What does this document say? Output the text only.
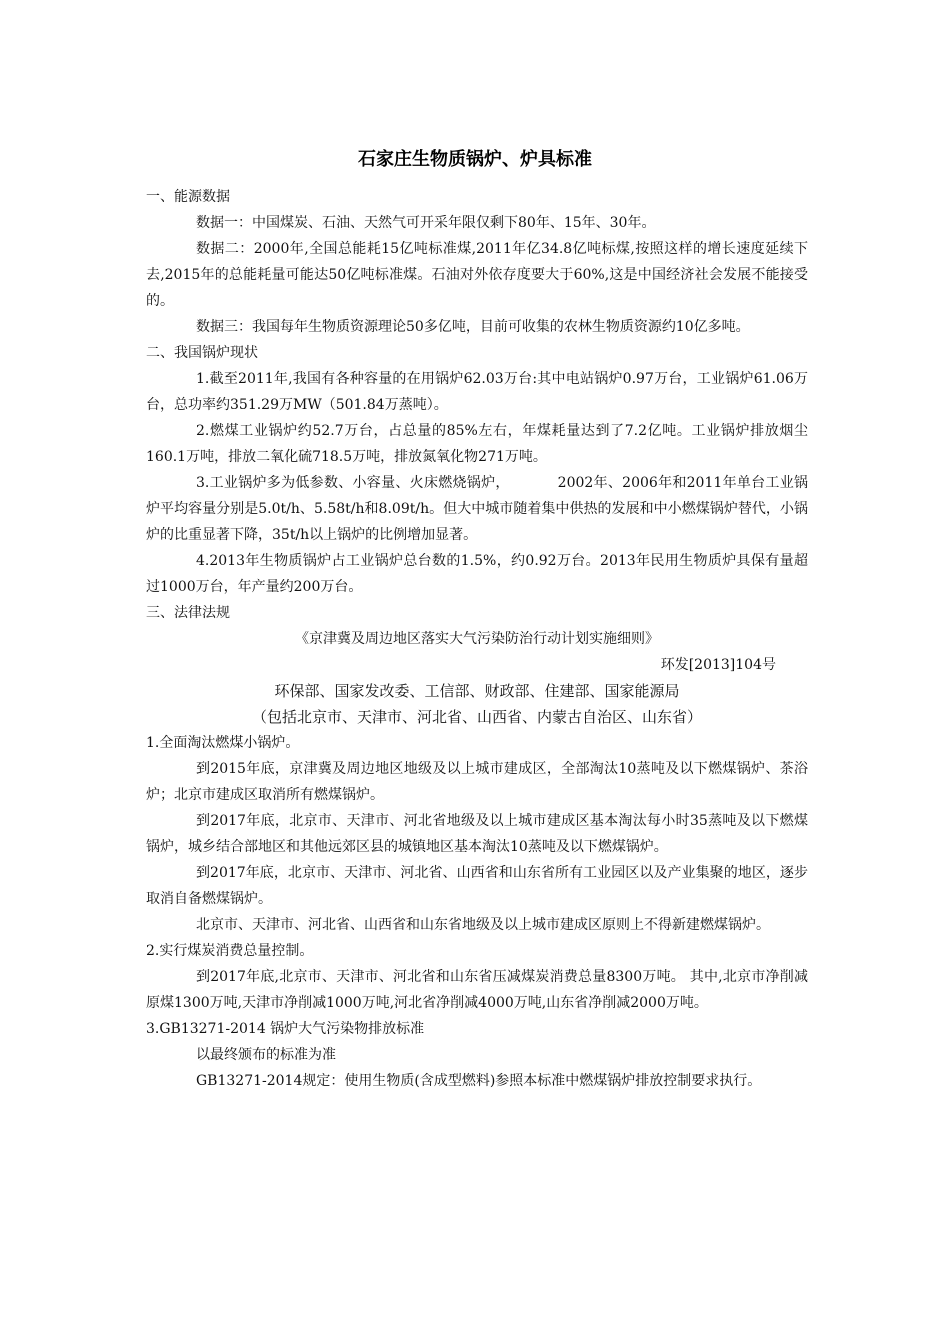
石家庄生物质锅炉、炉具标准

一、能源数据

数据一：中国煤炭、石油、天然气可开采年限仅剩下80年、15年、30年。

数据二：2000年,全国总能耗15亿吨标准煤,2011年亿34.8亿吨标煤,按照这样的增长速度延续下去,2015年的总能耗量可能达50亿吨标准煤。石油对外依存度要大于60%,这是中国经济社会发展不能接受的。

数据三：我国每年生物质资源理论50多亿吨，目前可收集的农林生物质资源约10亿多吨。

二、我国锅炉现状

1.截至2011年,我国有各种容量的在用锅炉62.03万台:其中电站锅炉0.97万台，工业锅炉61.06万台，总功率约351.29万MW（501.84万蒸吨）。

2.燃煤工业锅炉约52.7万台，占总量的85%左右，年煤耗量达到了7.2亿吨。工业锅炉排放烟尘160.1万吨，排放二氧化硫718.5万吨，排放氮氧化物271万吨。

3.工业锅炉多为低参数、小容量、火床燃烧锅炉，	2002年、2006年和2011年单台工业锅炉平均容量分别是5.0t/h、5.58t/h和8.09t/h。但大中城市随着集中供热的发展和中小燃煤锅炉替代，小锅炉的比重显著下降，35t/h以上锅炉的比例增加显著。

4.2013年生物质锅炉占工业锅炉总台数的1.5%，约0.92万台。2013年民用生物质炉具保有量超过1000万台，年产量约200万台。

三、法律法规

《京津冀及周边地区落实大气污染防治行动计划实施细则》

环发[2013]104号

环保部、国家发改委、工信部、财政部、住建部、国家能源局

（包括北京市、天津市、河北省、山西省、内蒙古自治区、山东省）

1.全面淘汰燃煤小锅炉。

到2015年底，京津冀及周边地区地级及以上城市建成区，全部淘汰10蒸吨及以下燃煤锅炉、茶浴炉；北京市建成区取消所有燃煤锅炉。

到2017年底，北京市、天津市、河北省地级及以上城市建成区基本淘汰每小时35蒸吨及以下燃煤锅炉，城乡结合部地区和其他远郊区县的城镇地区基本淘汰10蒸吨及以下燃煤锅炉。

到2017年底，北京市、天津市、河北省、山西省和山东省所有工业园区以及产业集聚的地区，逐步取消自备燃煤锅炉。

北京市、天津市、河北省、山西省和山东省地级及以上城市建成区原则上不得新建燃煤锅炉。

2.实行煤炭消费总量控制。

到2017年底,北京市、天津市、河北省和山东省压减煤炭消费总量8300万吨。 其中,北京市净削减原煤1300万吨,天津市净削减1000万吨,河北省净削减4000万吨,山东省净削减2000万吨。

3.GB13271-2014 锅炉大气污染物排放标准

以最终颁布的标准为准

GB13271-2014规定：使用生物质(含成型燃料)参照本标准中燃煤锅炉排放控制要求执行。
